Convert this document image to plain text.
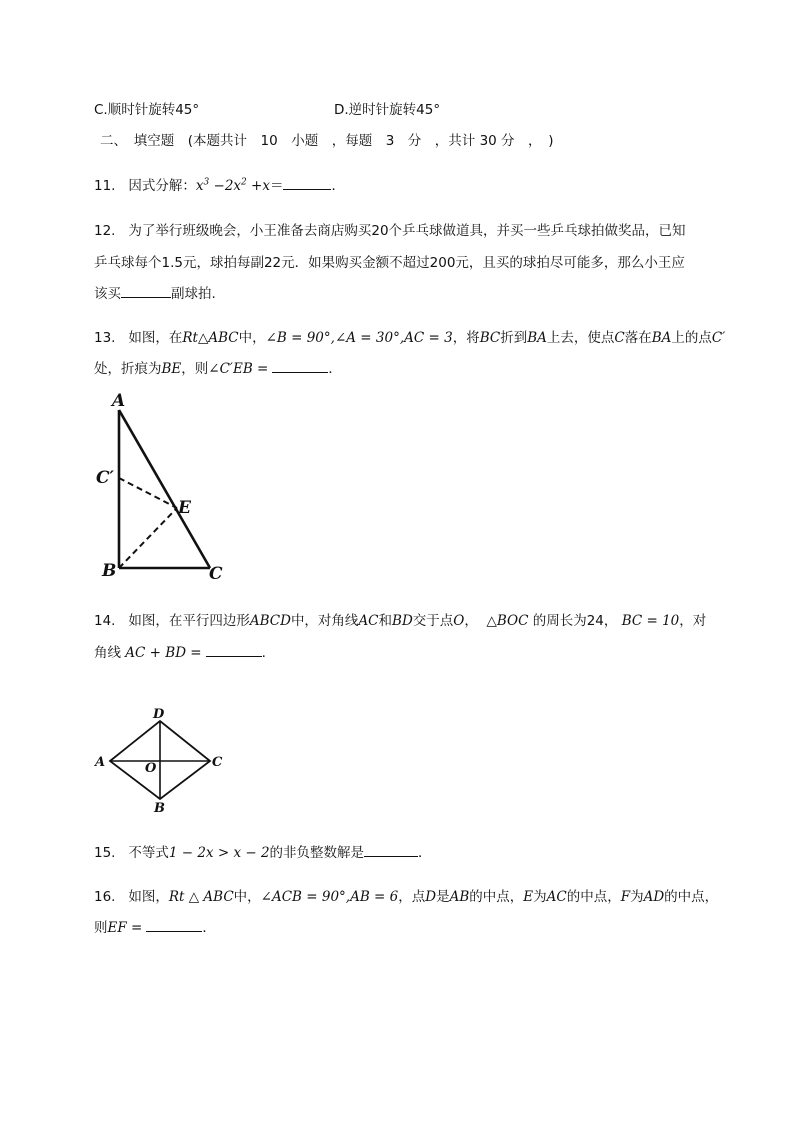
C.顺时针旋转45°	D.逆时针旋转45°
二、　填空题　(本题共计　10　小题　，每题　3　分　，共计 30 分　，　)
11. 因式分解：$x^3 -2x^2 +x=$	．
12. 为了举行班级晚会，小王准备去商店购买20个乒乓球做道具，并买一些乒乓球拍做奖品，已知
乒乓球每个1.5元，球拍每副22元．如果购买金额不超过200元，且买的球拍尽可能多，那么小王应
该买	副球拍.
13. 如图，在Rt△ABC中，∠B = 90°,∠A = 30°,AC = 3，将BC折到BA上去，使点C落在BA上的点C′
处，折痕为BE，则∠C′EB =	．
A
C′
E
B	C
14. 如图，在平行四边形ABCD中，对角线AC和BD交于点O， △BOC 的周长为24， BC = 10，对
角线 AC + BD =	.
D
A	O	C
B
15. 不等式1 − 2x > x − 2的非负整数解是	．
16. 如图，Rt △ ABC中，∠ACB = 90°,AB = 6，点D是AB的中点，E为AC的中点，F为AD的中点，
则EF =	．
